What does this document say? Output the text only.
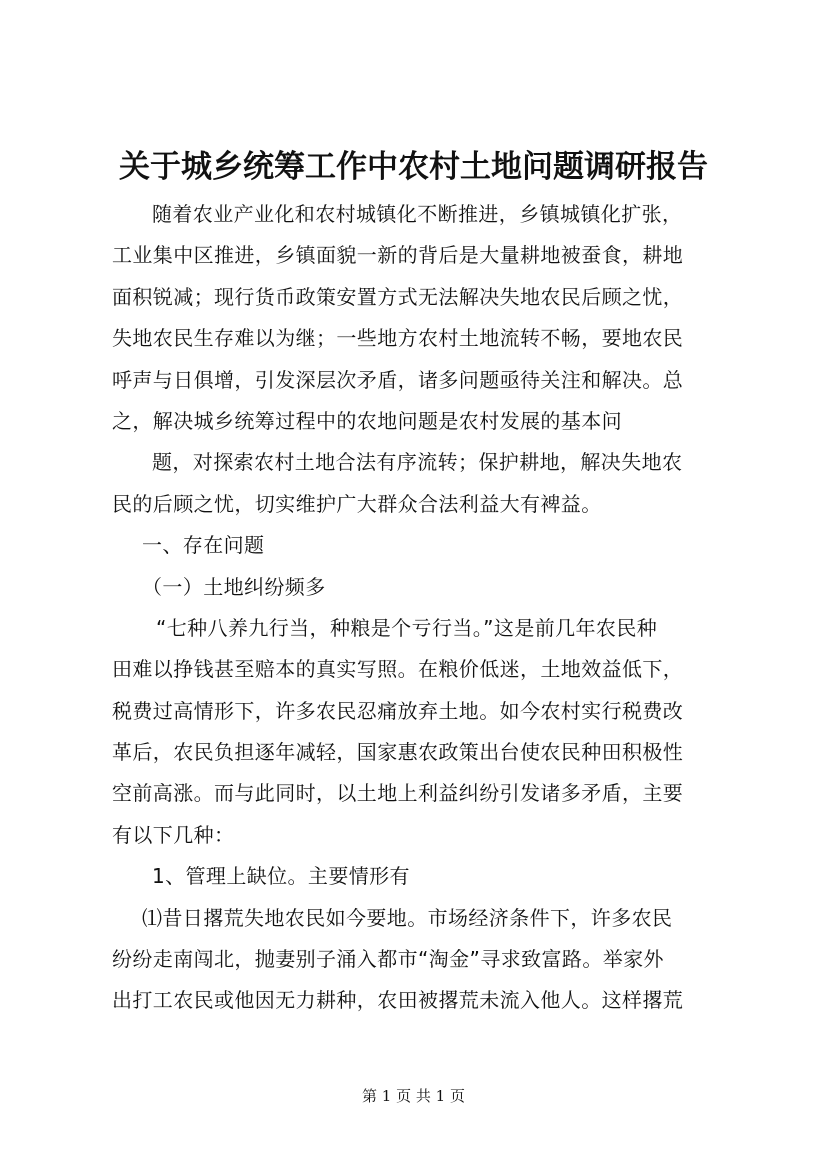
关于城乡统筹工作中农村土地问题调研报告
随着农业产业化和农村城镇化不断推进，乡镇城镇化扩张，
工业集中区推进，乡镇面貌一新的背后是大量耕地被蚕食，耕地
面积锐减；现行货币政策安置方式无法解决失地农民后顾之忧，
失地农民生存难以为继；一些地方农村土地流转不畅，要地农民
呼声与日俱增，引发深层次矛盾，诸多问题亟待关注和解决。总
之，解决城乡统筹过程中的农地问题是农村发展的基本问
题，对探索农村土地合法有序流转；保护耕地，解决失地农
民的后顾之忧，切实维护广大群众合法利益大有裨益。
一、存在问题
（一）土地纠纷频多
“七种八养九行当，种粮是个亏行当。”这是前几年农民种
田难以挣钱甚至赔本的真实写照。在粮价低迷，土地效益低下，
税费过高情形下，许多农民忍痛放弃土地。如今农村实行税费改
革后，农民负担逐年减轻，国家惠农政策出台使农民种田积极性
空前高涨。而与此同时，以土地上利益纠纷引发诸多矛盾，主要
有以下几种：
1、管理上缺位。主要情形有
⑴昔日撂荒失地农民如今要地。市场经济条件下，许多农民
纷纷走南闯北，抛妻别子涌入都市“淘金”寻求致富路。举家外
出打工农民或他因无力耕种，农田被撂荒未流入他人。这样撂荒
第 1 页 共 1 页
